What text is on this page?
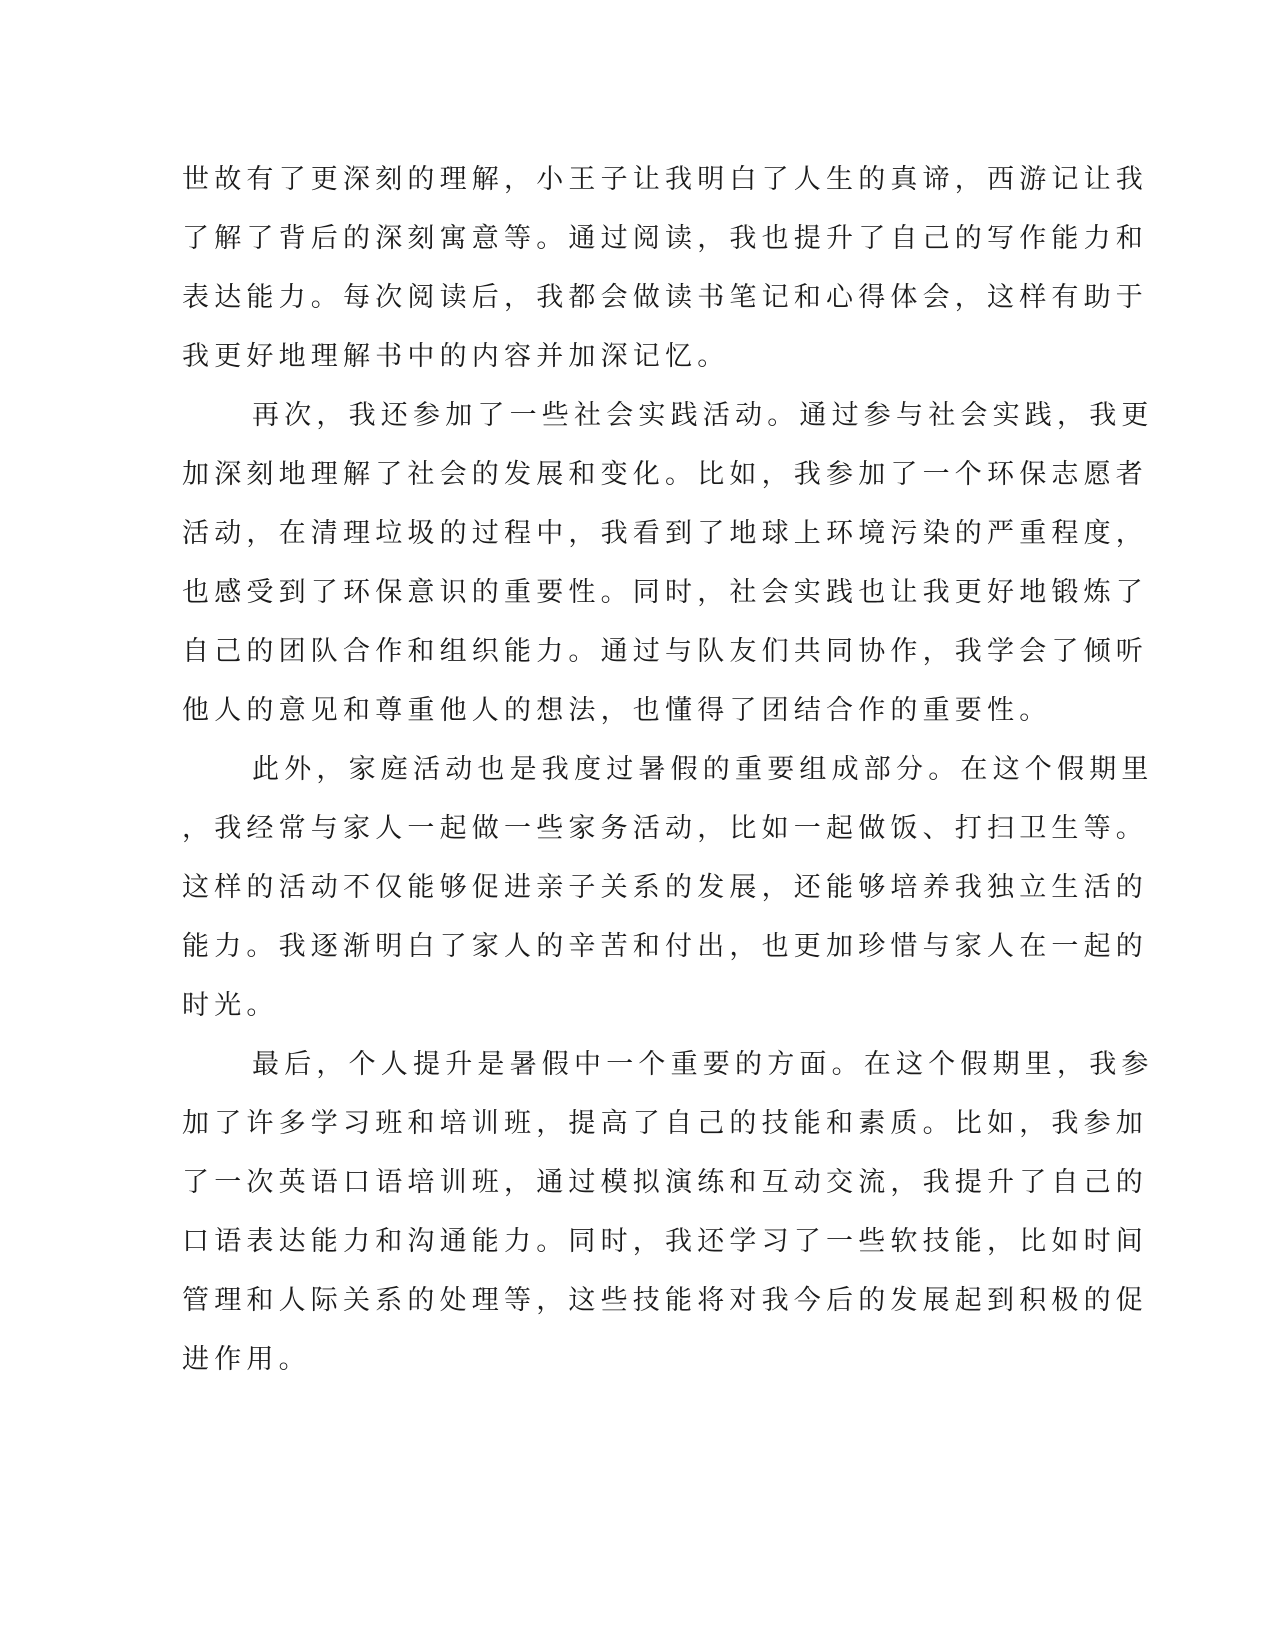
世故有了更深刻的理解，小王子让我明白了人生的真谛，西游记让我
了解了背后的深刻寓意等。通过阅读，我也提升了自己的写作能力和
表达能力。每次阅读后，我都会做读书笔记和心得体会，这样有助于
我更好地理解书中的内容并加深记忆。
再次，我还参加了一些社会实践活动。通过参与社会实践，我更
加深刻地理解了社会的发展和变化。比如，我参加了一个环保志愿者
活动，在清理垃圾的过程中，我看到了地球上环境污染的严重程度，
也感受到了环保意识的重要性。同时，社会实践也让我更好地锻炼了
自己的团队合作和组织能力。通过与队友们共同协作，我学会了倾听
他人的意见和尊重他人的想法，也懂得了团结合作的重要性。
此外，家庭活动也是我度过暑假的重要组成部分。在这个假期里
，我经常与家人一起做一些家务活动，比如一起做饭、打扫卫生等。
这样的活动不仅能够促进亲子关系的发展，还能够培养我独立生活的
能力。我逐渐明白了家人的辛苦和付出，也更加珍惜与家人在一起的
时光。
最后，个人提升是暑假中一个重要的方面。在这个假期里，我参
加了许多学习班和培训班，提高了自己的技能和素质。比如，我参加
了一次英语口语培训班，通过模拟演练和互动交流，我提升了自己的
口语表达能力和沟通能力。同时，我还学习了一些软技能，比如时间
管理和人际关系的处理等，这些技能将对我今后的发展起到积极的促
进作用。
